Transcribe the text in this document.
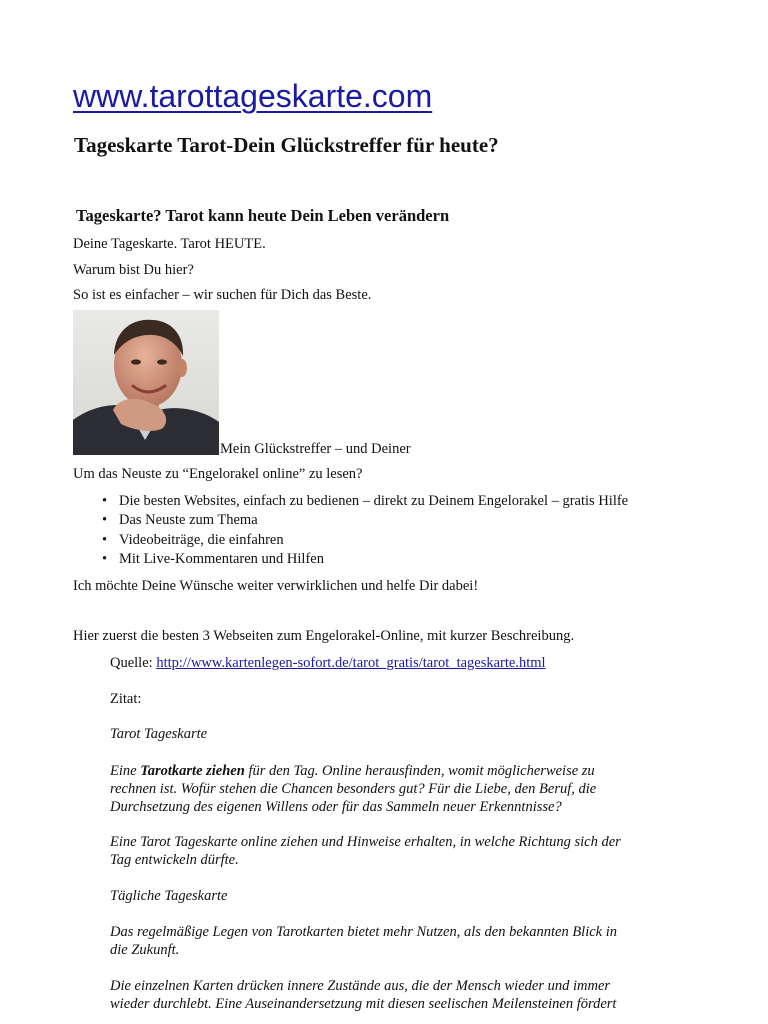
www.tarottageskarte.com
Tageskarte Tarot-Dein Glückstreffer für heute?
Tageskarte? Tarot kann heute Dein Leben verändern
Deine Tageskarte. Tarot HEUTE.
Warum bist Du hier?
So ist es einfacher – wir suchen für Dich das Beste.
Mein Glückstreffer – und Deiner
Um das Neuste zu “Engelorakel online” zu lesen?
• Die besten Websites, einfach zu bedienen – direkt zu Deinem Engelorakel – gratis Hilfe
• Das Neuste zum Thema
• Videobeiträge, die einfahren
• Mit Live-Kommentaren und Hilfen
Ich möchte Deine Wünsche weiter verwirklichen und helfe Dir dabei!
Hier zuerst die besten 3 Webseiten zum Engelorakel-Online, mit kurzer Beschreibung.
Quelle: http://www.kartenlegen-sofort.de/tarot_gratis/tarot_tageskarte.html
Zitat:
Tarot Tageskarte
Eine Tarotkarte ziehen für den Tag. Online herausfinden, womit möglicherweise zu
rechnen ist. Wofür stehen die Chancen besonders gut? Für die Liebe, den Beruf, die
Durchsetzung des eigenen Willens oder für das Sammeln neuer Erkenntnisse?
Eine Tarot Tageskarte online ziehen und Hinweise erhalten, in welche Richtung sich der
Tag entwickeln dürfte.
Tägliche Tageskarte
Das regelmäßige Legen von Tarotkarten bietet mehr Nutzen, als den bekannten Blick in
die Zukunft.
Die einzelnen Karten drücken innere Zustände aus, die der Mensch wieder und immer
wieder durchlebt. Eine Auseinandersetzung mit diesen seelischen Meilensteinen fördert
